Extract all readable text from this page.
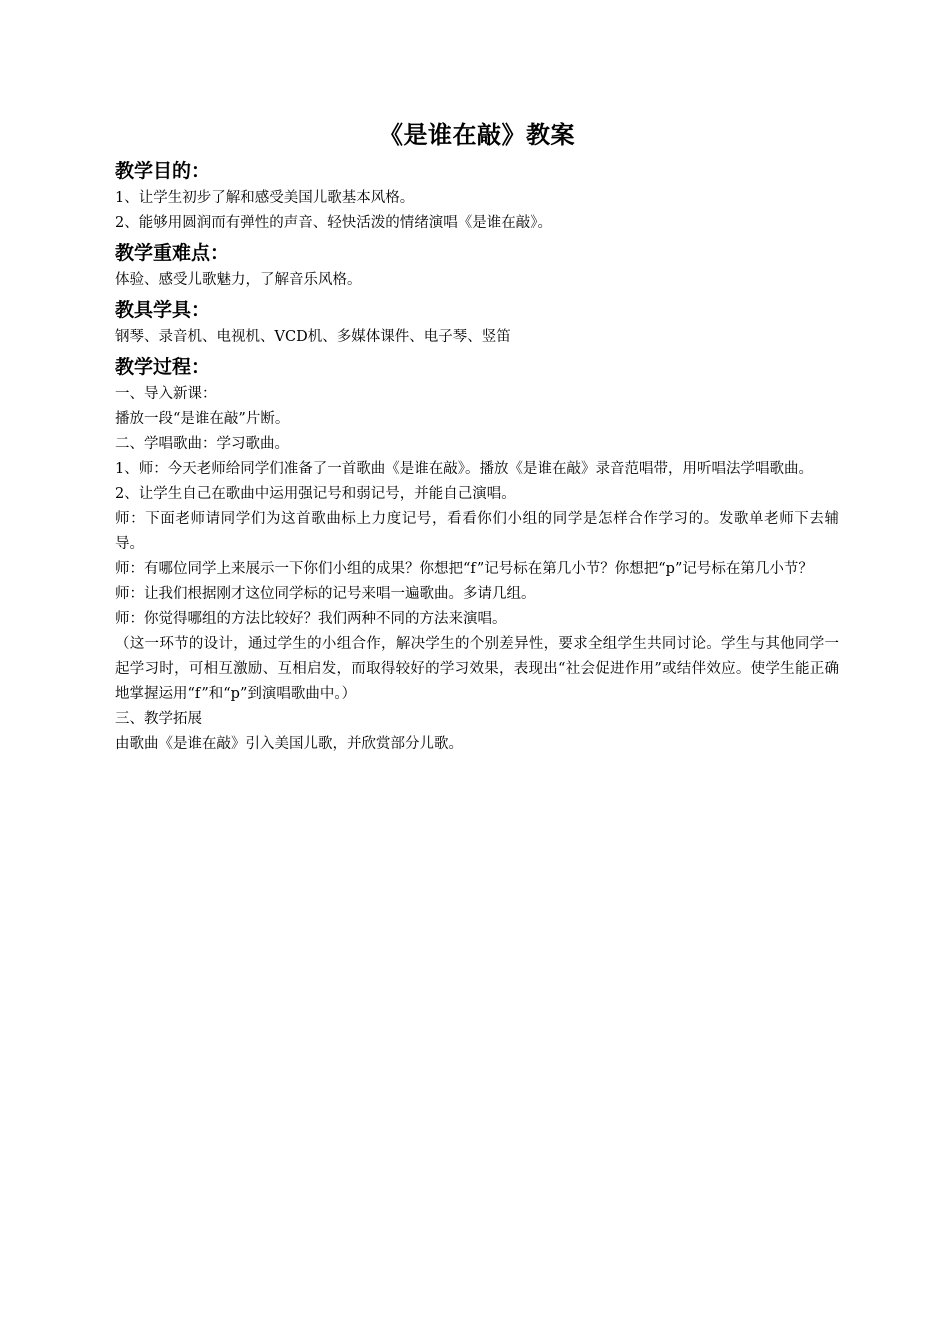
《是谁在敲》教案
教学目的：

1、让学生初步了解和感受美国儿歌基本风格。

2、能够用圆润而有弹性的声音、轻快活泼的情绪演唱《是谁在敲》。

教学重难点：

体验、感受儿歌魅力，了解音乐风格。

教具学具：

钢琴、录音机、电视机、VCD机、多媒体课件、电子琴、竖笛

教学过程：

一、导入新课：

播放一段“是谁在敲”片断。

二、学唱歌曲：学习歌曲。

1、师：今天老师给同学们准备了一首歌曲《是谁在敲》。播放《是谁在敲》录音范唱带，用听唱法学唱歌曲。

2、让学生自己在歌曲中运用强记号和弱记号，并能自己演唱。

师：下面老师请同学们为这首歌曲标上力度记号，看看你们小组的同学是怎样合作学习的。发歌单老师下去辅导。

师：有哪位同学上来展示一下你们小组的成果？你想把“f”记号标在第几小节？你想把“p”记号标在第几小节？

师：让我们根据刚才这位同学标的记号来唱一遍歌曲。多请几组。

师：你觉得哪组的方法比较好？我们两种不同的方法来演唱。

（这一环节的设计，通过学生的小组合作，解决学生的个别差异性，要求全组学生共同讨论。学生与其他同学一起学习时，可相互激励、互相启发，而取得较好的学习效果，表现出“社会促进作用”或结伴效应。使学生能正确地掌握运用“f”和“p”到演唱歌曲中。）

三、教学拓展

由歌曲《是谁在敲》引入美国儿歌，并欣赏部分儿歌。
